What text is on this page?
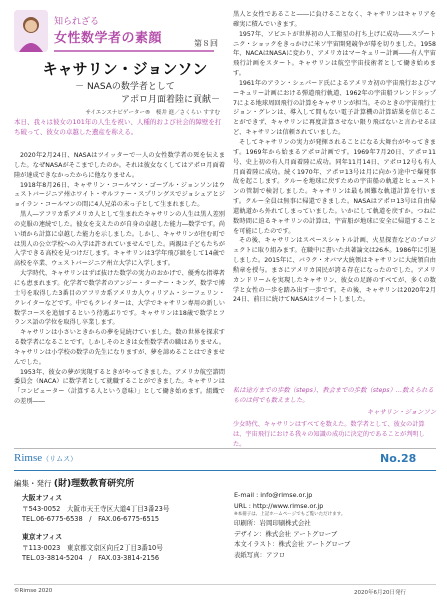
知られざる
女性数学者の素顔	第８回
キャサリン・ジョンソン
－ NASAの数学者として
アポロ月面着陸に貢献－
サイエンスナビゲーター®　桜井 進／さくらい すすむ
本日、我々は彼女の101年の人生を祝い、人種的および社会的障壁を打ち破って、彼女の卓越した遺産を称える。

2020年2月24日、NASAはツイッターで一人の女性数学者の死を伝えました。なぜNASAがそこまでしたのか。それは彼女なくしてはアポロ月面着陸が達成できなかったからに他なりません。

1918年8月26日、キャサリン・コールマン・ゴーブル・ジョンソンはウェストバージニア州ホワイト・サルファー・スプリングスでジョシュアとジョイラン・コールマンの間に4人兄弟の末っ子として生まれました。

黒人―アフリカ系アメリカ人として生まれたキャサリンの人生は黒人差別の克服の連続でした。彼女を支えたのが自身の卓越した能力―数学です。尚い頃から計算に卓越した能力を示しました。しかし、キャサリンが住む町では黒人の公立学校への入学は許されていませんでした。両親は子どもたちが入学できる高校を見つけだします。キャサリンは3学年飛び級をして14歳で高校を卒業、ウェストバージニア州立大学に入学します。

大学時代、キャサリンはずば抜けた数学の実力のおかげで、優秀な指導者にも恵まれます。化学者で数学者のアンジー・ターナー・キング、数学で博士号を取得した3番目のアフリカ系アメリカ人ウィリアム・シーフェリン・クレイターなどです。中でもクレイターは、大学でキャサリン専用の新しい数学コースを追加するという待遇ぶりです。キャサリンは18歳で数学とフランス語の学位を取得し卒業します。

キャサリンは小さいときからの夢を見続けていました。数の世界を探求する数学者になることです。しかしそのときは女性数学者の職はありません。キャサリンは小学校の数学の先生になりますが、夢を諦めることはできませんでした。

1953年、彼女の夢が実現するときがやってきました。アメリカ航空諮問委員会（NACA）に数学者として就職することができました。キャサリンは「コンピューター（計算する人という意味）」として働き始めます。組織での差別――

黒人と女性であること――に負けることなく、キャサリンはキャリアを確実に積んでいきます。

1957年、ソビエトが世界初の人工衛星の打ち上げに成功――スプートニク・ショックをきっかけに米ソ宇宙開発競争が幕を切りました。1958年、NACAはNASAに変わり、アメリカはマーキュリー計画――有人宇宙飛行計画をスタート。キャサリンは航空宇宙技術者として働き始めます。

1961年のアラン・シェパード氏によるアメリカ初の宇宙飛行およびマーキュリー計画における弾道飛行軌道、1962年の宇宙船フレンドシップ7による地球周回飛行の計算をキャサリンが担当。そのときの宇宙飛行士ジョン・グレンは、導入して間もない電子計算機の計算結果を信じることができず、キャサリンに再度計算させない限り飛ばないと言わせるほど、キャサリンは信頼されていました。

そしてキャサリンの実力が発揮されることになる大舞台がやってきます。1969年から始まるアポロ計画です。1969年7月20日、アポロ11号、史上初の有人月面着陸に成功。同年11月14日、アポロ12号も有人月面着陸に成功。続く1970年、アポロ13号は月に向かう途中で爆発事故を起こします。クルーを地球に戻すための宇宙船の軌道とヒューストンの管制で検討しました。キャサリンは最も困難な軌道計算を行います。クルー全員は無事に帰還できました。NASAはアポロ13号は自由帰還軌道から外れてしまっていました。いかにして軌道を戻すか。つねに数時間に迫るキャサリンの計算は、宇宙船が地球に安全に帰還することを可能にしたのです。

その後、キャサリンはスペースシャトル計画、火星探査などのプロジェクトに取り組みます。在職中に書いた共著論文は26本。1986年に引退しました。2015年に、バラク・オバマ大統領はキャサリンに大統領自由勲章を授与。まさにアメリカ国民が誇る存在になったのでした。アメリカンドリームを実現したキャサリン、彼女の足跡のすべてが、多くの数学と女性の一歩を踏み出す一歩です。その後、キャサリンは2020年2月24日、前日に続けてNASAはツイートしました。

私は途方までの歩数（steps）、教会までの歩数（steps）…数えられるものは何でも数えました。
キャサリン・ジョンソン
少女時代、キャサリンはすべてを数えた。数学者として、彼女の計算は、宇宙飛行における我々の知識の成功に決定的であることが判明した。
Rimse（リムス）	No.28
編集・発行 (財)理数教育研究所
大阪オフィス
〒543-0052　大阪市天王寺区大道4丁目3番23号
TEL.06-6775-6538　/　FAX.06-6775-6515
東京オフィス
〒113-0023　東京都文京区向丘2丁目3番10号
TEL.03-3814-5204　/　FAX.03-3814-2156
E-mail : info@rimse.or.jp
URL : http://www.rimse.or.jp
※本冊子は、上記ホームページでもご覧いただけます。
印刷所：岩岡印刷株式会社
デザイン：株式会社 アートグローブ
本文イラスト：株式会社 アートグローブ
表紙写真：アフロ
©Rimse 2020	2020年6月20日発行
